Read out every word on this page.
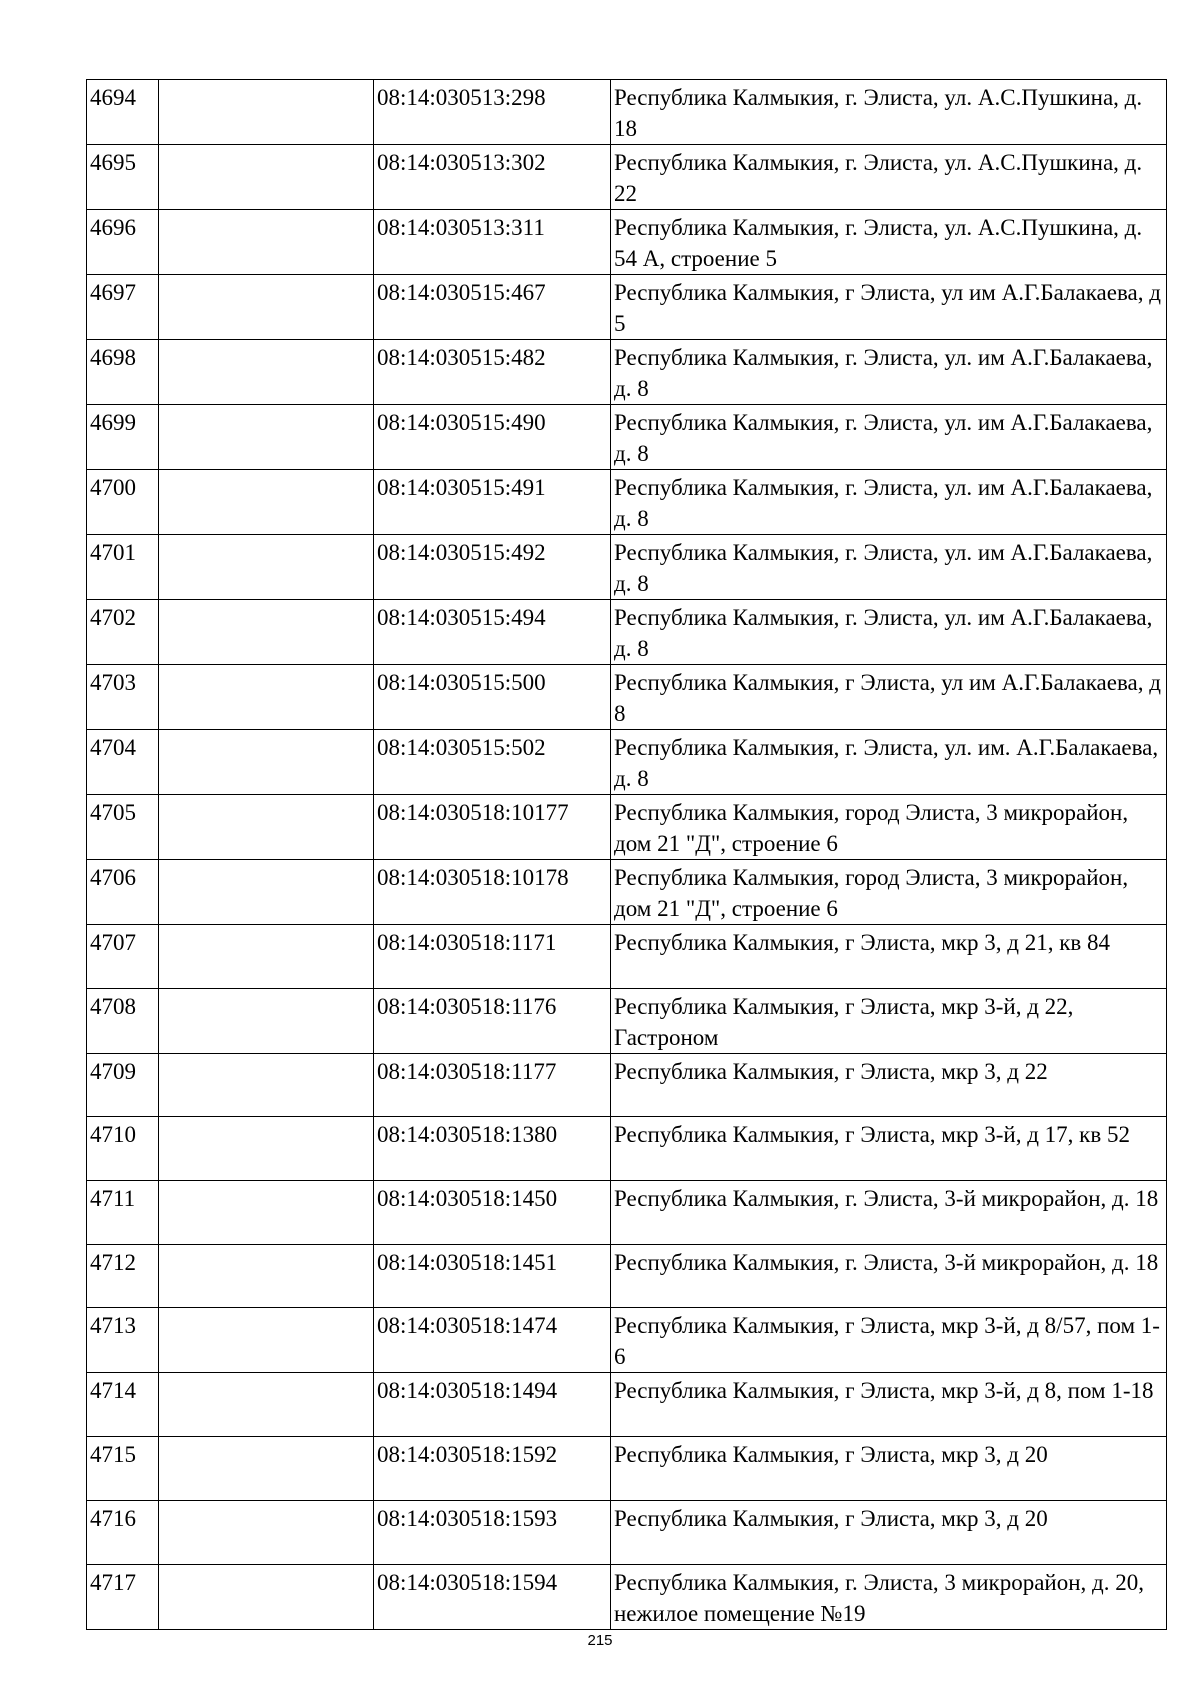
4694		08:14:030513:298	Республика Калмыкия, г. Элиста, ул. А.С.Пушкина, д. 18
4695		08:14:030513:302	Республика Калмыкия, г. Элиста, ул. А.С.Пушкина, д. 22
4696		08:14:030513:311	Республика Калмыкия, г. Элиста, ул. А.С.Пушкина, д. 54 А, строение 5
4697		08:14:030515:467	Республика Калмыкия, г Элиста, ул им А.Г.Балакаева, д 5
4698		08:14:030515:482	Республика Калмыкия, г. Элиста, ул. им А.Г.Балакаева, д. 8
4699		08:14:030515:490	Республика Калмыкия, г. Элиста, ул. им А.Г.Балакаева, д. 8
4700		08:14:030515:491	Республика Калмыкия, г. Элиста, ул. им А.Г.Балакаева, д. 8
4701		08:14:030515:492	Республика Калмыкия, г. Элиста, ул. им А.Г.Балакаева, д. 8
4702		08:14:030515:494	Республика Калмыкия, г. Элиста, ул. им А.Г.Балакаева, д. 8
4703		08:14:030515:500	Республика Калмыкия, г Элиста, ул им А.Г.Балакаева, д 8
4704		08:14:030515:502	Республика Калмыкия, г. Элиста, ул. им. А.Г.Балакаева, д. 8
4705		08:14:030518:10177	Республика Калмыкия, город Элиста, 3 микрорайон, дом 21 "Д", строение 6
4706		08:14:030518:10178	Республика Калмыкия, город Элиста, 3 микрорайон, дом 21 "Д", строение 6
4707		08:14:030518:1171	Республика Калмыкия, г Элиста, мкр 3, д 21, кв 84
4708		08:14:030518:1176	Республика Калмыкия, г Элиста, мкр 3-й, д 22, Гастроном
4709		08:14:030518:1177	Республика Калмыкия, г Элиста, мкр 3, д 22
4710		08:14:030518:1380	Республика Калмыкия, г Элиста, мкр 3-й, д 17, кв 52
4711		08:14:030518:1450	Республика Калмыкия, г. Элиста, 3-й микрорайон, д. 18
4712		08:14:030518:1451	Республика Калмыкия, г. Элиста, 3-й микрорайон, д. 18
4713		08:14:030518:1474	Республика Калмыкия, г Элиста, мкр 3-й, д 8/57, пом 1-6
4714		08:14:030518:1494	Республика Калмыкия, г Элиста, мкр 3-й, д 8, пом 1-18
4715		08:14:030518:1592	Республика Калмыкия, г Элиста, мкр 3, д 20
4716		08:14:030518:1593	Республика Калмыкия, г Элиста, мкр 3, д 20
4717		08:14:030518:1594	Республика Калмыкия, г. Элиста, 3 микрорайон, д. 20, нежилое помещение №19
215
